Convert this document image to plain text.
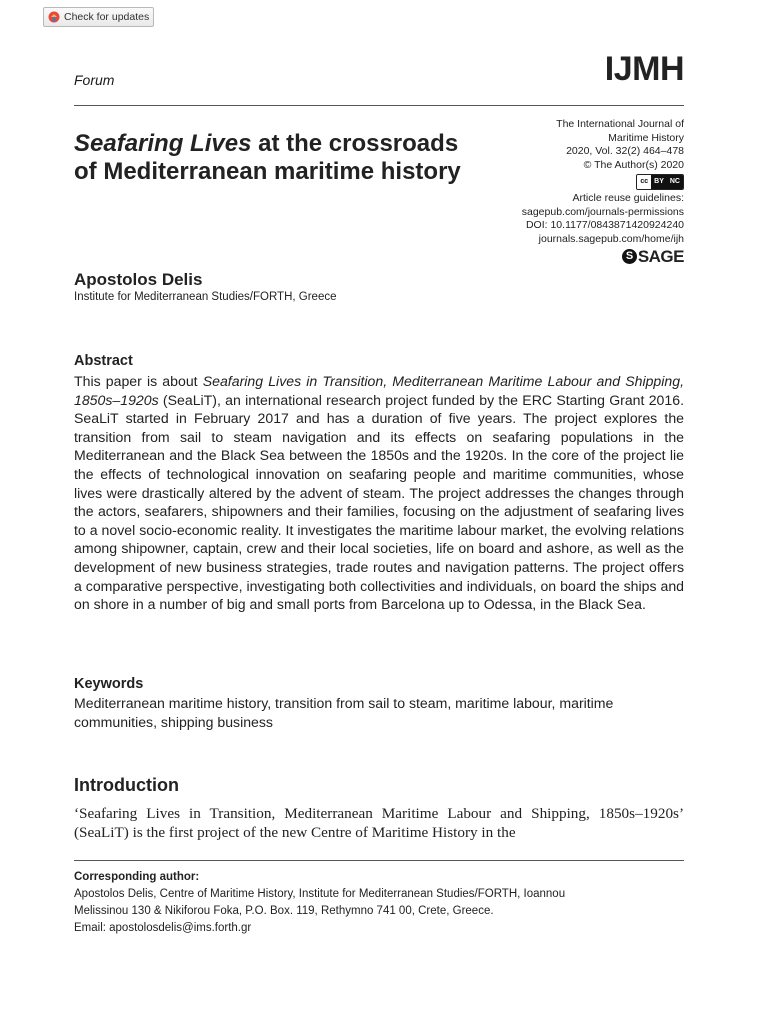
Check for updates
Forum	IJMH
Seafaring Lives at the crossroads of Mediterranean maritime history
The International Journal of
Maritime History
2020, Vol. 32(2) 464–478
© The Author(s) 2020
cc BY NC
Article reuse guidelines:
sagepub.com/journals-permissions
DOI: 10.1177/0843871420924240
journals.sagepub.com/home/ijh
S SAGE
Apostolos Delis
Institute for Mediterranean Studies/FORTH, Greece
Abstract
This paper is about Seafaring Lives in Transition, Mediterranean Maritime Labour and Shipping, 1850s–1920s (SeaLiT), an international research project funded by the ERC Starting Grant 2016. SeaLiT started in February 2017 and has a duration of five years. The project explores the transition from sail to steam navigation and its effects on seafaring populations in the Mediterranean and the Black Sea between the 1850s and the 1920s. In the core of the project lie the effects of technological innovation on seafaring people and maritime communities, whose lives were drastically altered by the advent of steam. The project addresses the changes through the actors, seafarers, shipowners and their families, focusing on the adjustment of seafaring lives to a novel socio-economic reality. It investigates the maritime labour market, the evolving relations among shipowner, captain, crew and their local societies, life on board and ashore, as well as the development of new business strategies, trade routes and navigation patterns. The project offers a comparative perspective, investigating both collectivities and individuals, on board the ships and on shore in a number of big and small ports from Barcelona up to Odessa, in the Black Sea.
Keywords
Mediterranean maritime history, transition from sail to steam, maritime labour, maritime communities, shipping business
Introduction
‘Seafaring Lives in Transition, Mediterranean Maritime Labour and Shipping, 1850s–1920s’ (SeaLiT) is the first project of the new Centre of Maritime History in the
Corresponding author:
Apostolos Delis, Centre of Maritime History, Institute for Mediterranean Studies/FORTH, Ioannou
Melissinou 130 & Nikiforou Foka, P.O. Box. 119, Rethymno 741 00, Crete, Greece.
Email: apostolosdelis@ims.forth.gr
